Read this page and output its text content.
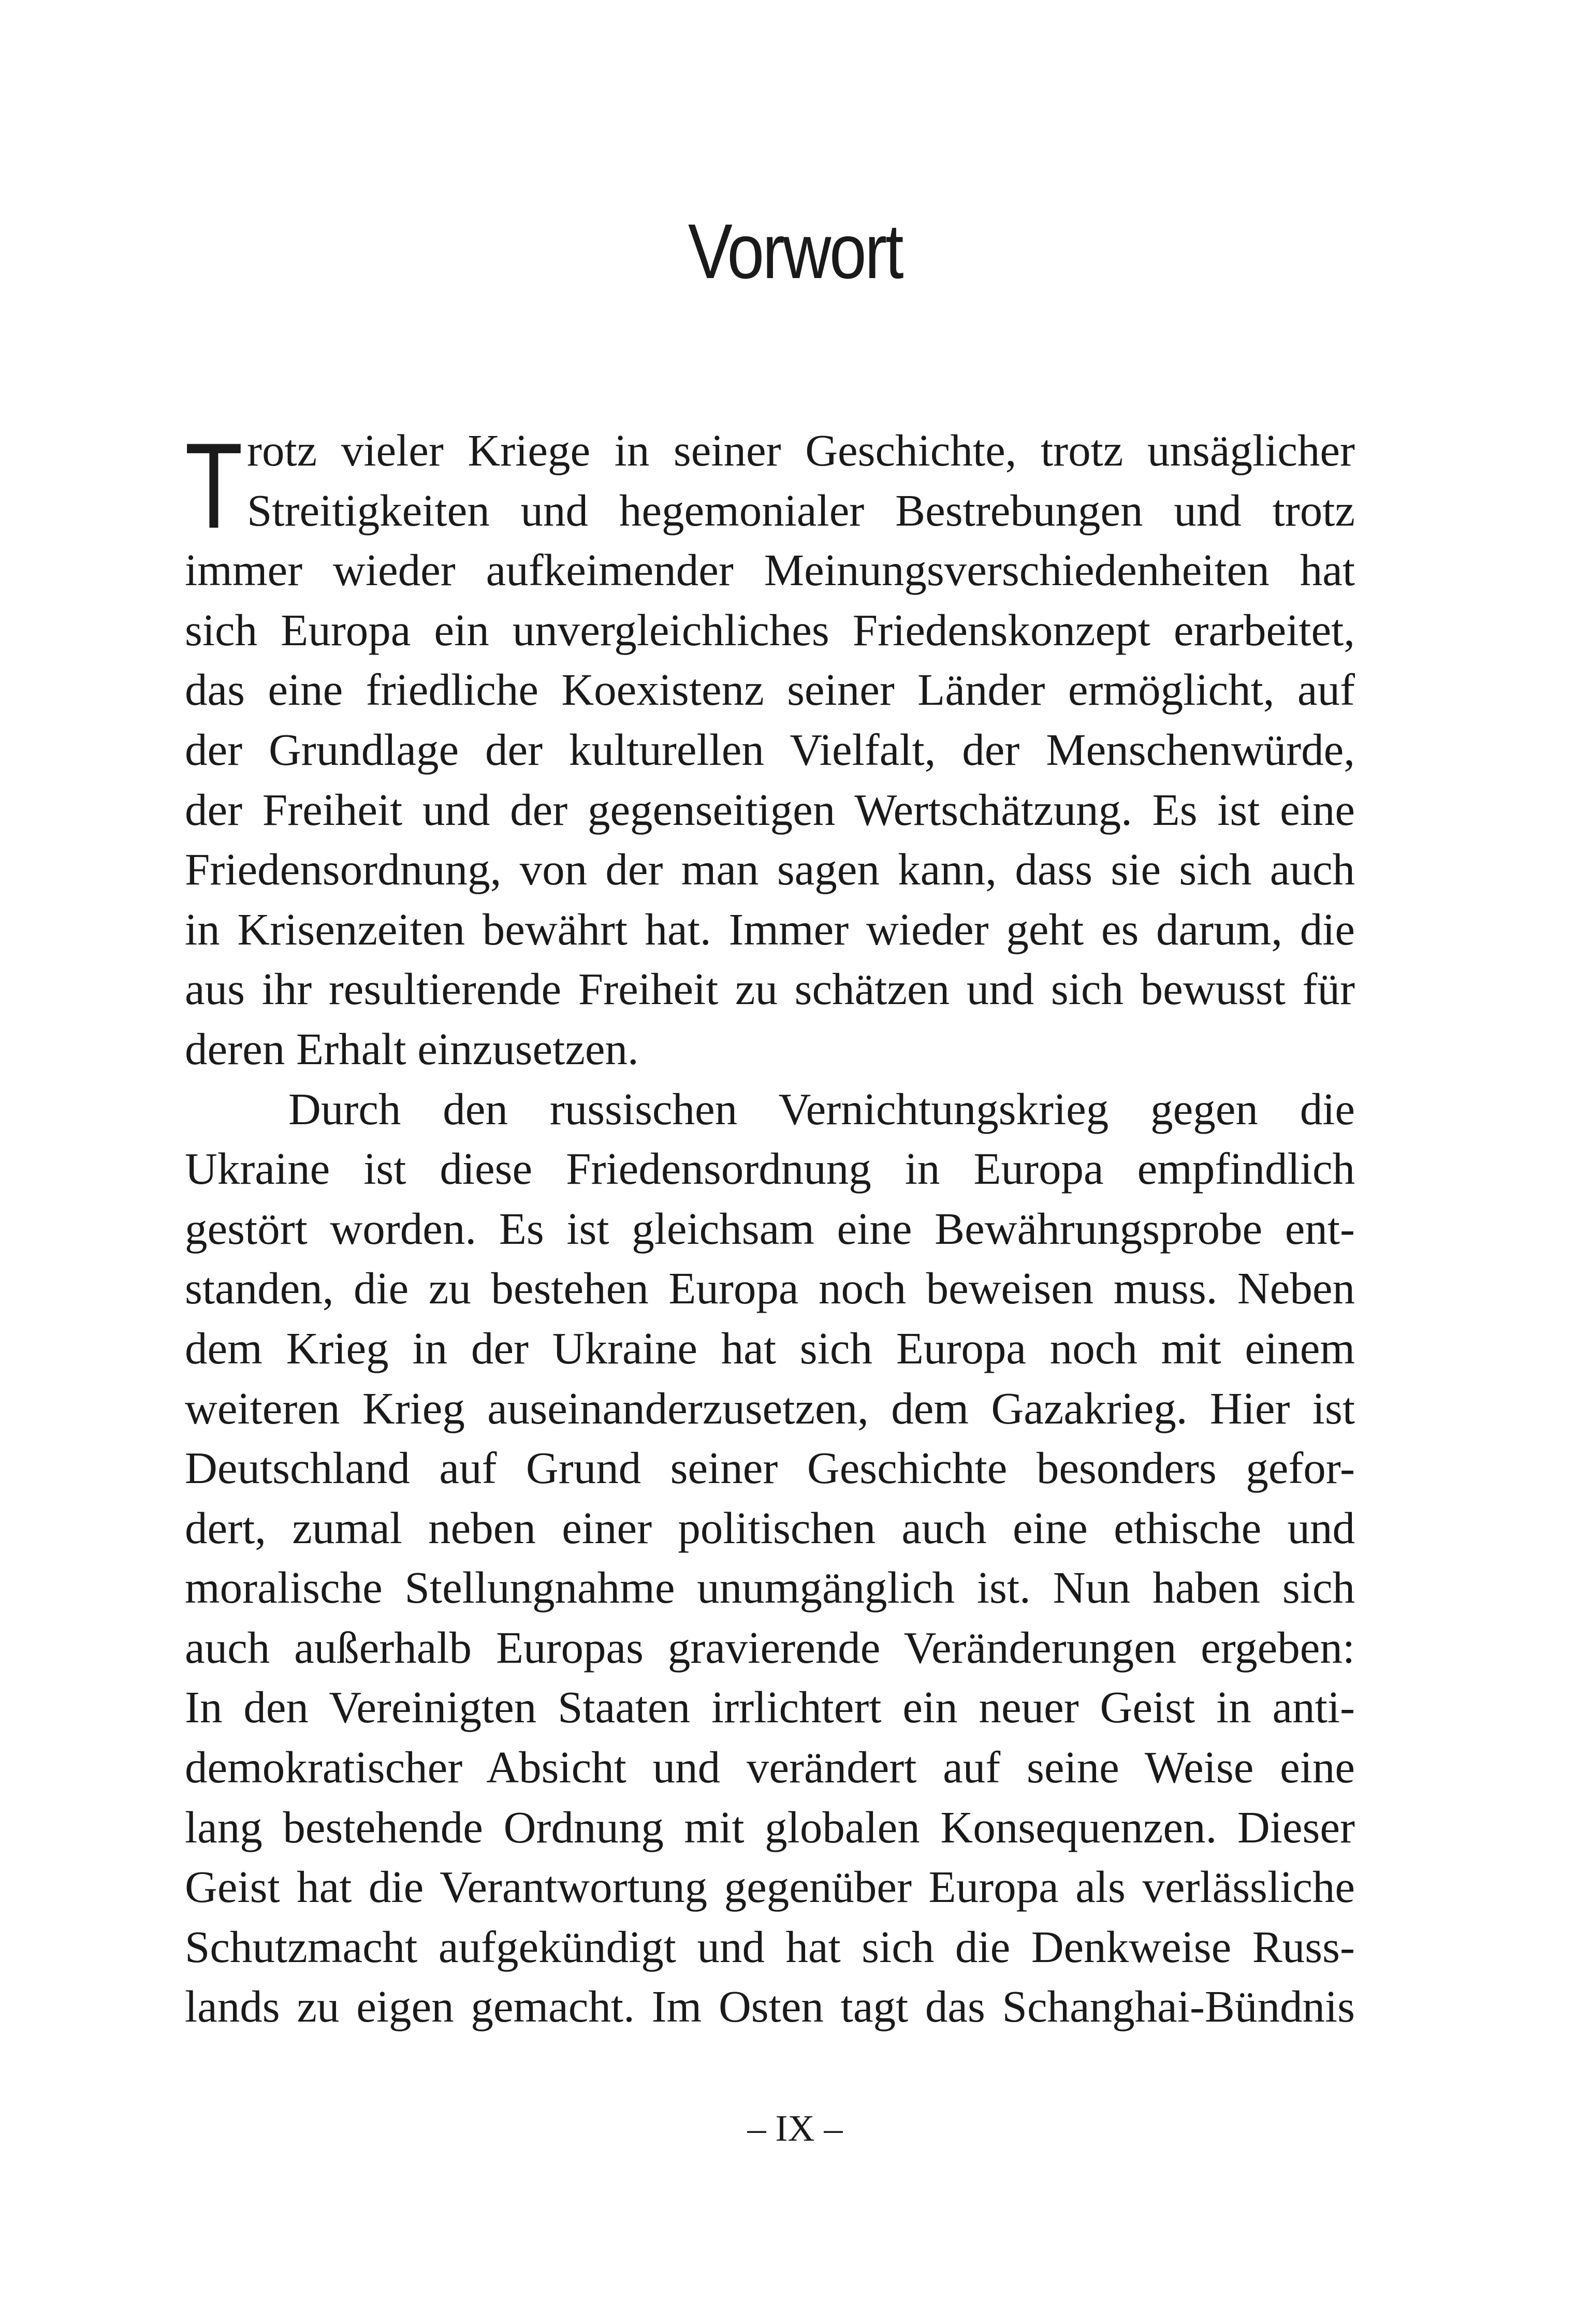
Vorwort
T rotz vieler Kriege in seiner Geschichte, trotz unsäglicher
Streitigkeiten und hegemonialer Bestrebungen und trotz
immer wieder aufkeimender Meinungsverschiedenheiten hat
sich Europa ein unvergleichliches Friedenskonzept erarbeitet,
das eine friedliche Koexistenz seiner Länder ermöglicht, auf
der Grundlage der kulturellen Vielfalt, der Menschenwürde,
der Freiheit und der gegenseitigen Wertschätzung. Es ist eine
Friedensordnung, von der man sagen kann, dass sie sich auch
in Krisenzeiten bewährt hat. Immer wieder geht es darum, die
aus ihr resultierende Freiheit zu schätzen und sich bewusst für
deren Erhalt einzusetzen.
Durch den russischen Vernichtungskrieg gegen die
Ukraine ist diese Friedensordnung in Europa empfindlich
gestört worden. Es ist gleichsam eine Bewährungsprobe ent-
standen, die zu bestehen Europa noch beweisen muss. Neben
dem Krieg in der Ukraine hat sich Europa noch mit einem
weiteren Krieg auseinanderzusetzen, dem Gazakrieg. Hier ist
Deutschland auf Grund seiner Geschichte besonders gefor-
dert, zumal neben einer politischen auch eine ethische und
moralische Stellungnahme unumgänglich ist. Nun haben sich
auch außerhalb Europas gravierende Veränderungen ergeben:
In den Vereinigten Staaten irrlichtert ein neuer Geist in anti-
demokratischer Absicht und verändert auf seine Weise eine
lang bestehende Ordnung mit globalen Konsequenzen. Dieser
Geist hat die Verantwortung gegenüber Europa als verlässliche
Schutzmacht aufgekündigt und hat sich die Denkweise Russ-
lands zu eigen gemacht. Im Osten tagt das Schanghai-Bündnis
– IX –
